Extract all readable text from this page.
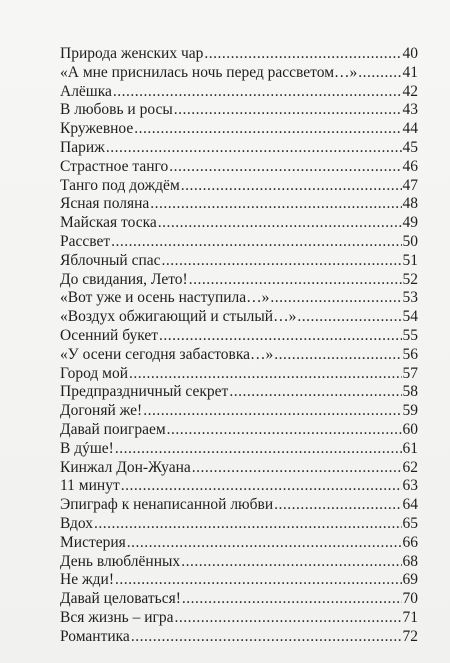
Природа женских чар .....	40
«А мне приснилась ночь перед рассветом…» .....	41
Алёшка .....	42
В любовь и росы .....	43
Кружевное .....	44
Париж .....	45
Страстное танго .....	46
Танго под дождём .....	47
Ясная поляна .....	48
Майская тоска .....	49
Рассвет .....	50
Яблочный спас .....	51
До свидания, Лето! .....	52
«Вот уже и осень наступила…» .....	53
«Воздух обжигающий и стылый…» .....	54
Осенний букет .....	55
«У осени сегодня забастовка…» .....	56
Город мой .....	57
Предпраздничный секрет .....	58
Догоняй же! .....	59
Давай поиграем .....	60
В дýше! .....	61
Кинжал Дон-Жуана .....	62
11 минут .....	63
Эпиграф к ненаписанной любви .....	64
Вдох .....	65
Мистерия .....	66
День влюблённых .....	68
Не жди! .....	69
Давай целоваться! .....	70
Вся жизнь – игра .....	71
Романтика .....	72
